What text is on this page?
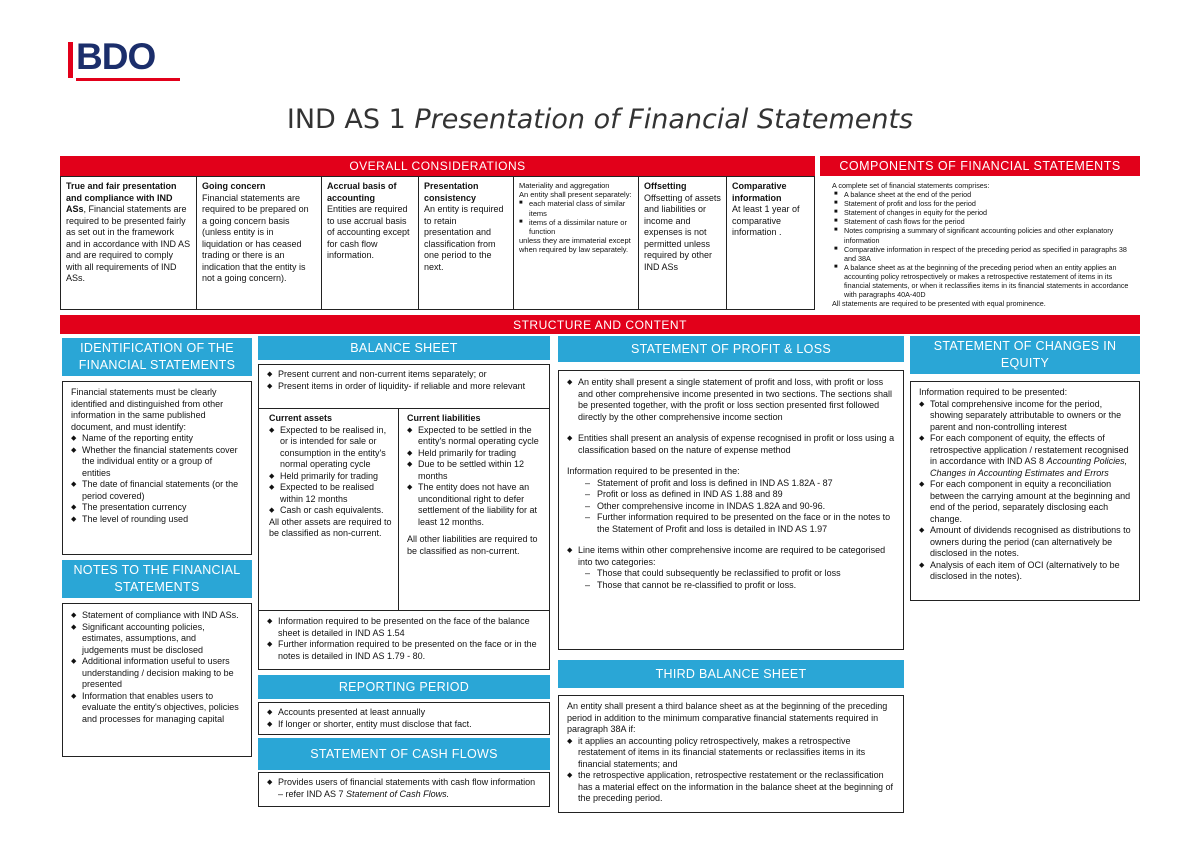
BDO
IND AS 1 Presentation of Financial Statements
OVERALL CONSIDERATIONS
True and fair presentation and compliance with IND ASs, Financial statements are required to be presented fairly as set out in the framework and in accordance with IND AS and are required to comply with all requirements of IND ASs.
Going concern
Financial statements are required to be prepared on a going concern basis (unless entity is in liquidation or has ceased trading or there is an indication that the entity is not a going concern).
Accrual basis of accounting
Entities are required to use accrual basis of accounting except for cash flow information.
Presentation consistency
An entity is required to retain presentation and classification from one period to the next.
Materiality and aggregation
An entity shall present separately:
■ each material class of similar items
■ items of a dissimilar nature or function
unless they are immaterial except when required by law separately.
Offsetting
Offsetting of assets and liabilities or income and expenses is not permitted unless required by other IND ASs
Comparative information
At least 1 year of comparative information .
COMPONENTS OF FINANCIAL STATEMENTS
A complete set of financial statements comprises:
■ A balance sheet at the end of the period
■ Statement of profit and loss for the period
■ Statement of changes in equity for the period
■ Statement of cash flows for the period
■ Notes comprising a summary of significant accounting policies and other explanatory information
■ Comparative information in respect of the preceding period as specified in paragraphs 38 and 38A
■ A balance sheet as at the beginning of the preceding period when an entity applies an accounting policy retrospectively or makes a retrospective restatement of items in its financial statements, or when it reclassifies items in its financial statements in accordance with paragraphs 40A-40D
All statements are required to be presented with equal prominence.
STRUCTURE AND CONTENT
IDENTIFICATION OF THE FINANCIAL STATEMENTS
Financial statements must be clearly identified and distinguished from other information in the same published document, and must identify:
◆ Name of the reporting entity
◆ Whether the financial statements cover the individual entity or a group of entities
◆ The date of financial statements (or the period covered)
◆ The presentation currency
◆ The level of rounding used
NOTES TO THE FINANCIAL STATEMENTS
◆ Statement of compliance with IND ASs.
◆ Significant accounting policies, estimates, assumptions, and judgements must be disclosed
◆ Additional information useful to users understanding / decision making to be presented
◆ Information that enables users to evaluate the entity's objectives, policies and processes for managing capital
BALANCE SHEET
◆ Present current and non-current items separately; or
◆ Present items in order of liquidity- if reliable and more relevant
Current assets
◆ Expected to be realised in, or is intended for sale or consumption in the entity's normal operating cycle
◆ Held primarily for trading
◆ Expected to be realised within 12 months
◆ Cash or cash equivalents.
All other assets are required to be classified as non-current.
Current liabilities
◆ Expected to be settled in the entity's normal operating cycle
◆ Held primarily for trading
◆ Due to be settled within 12 months
◆ The entity does not have an unconditional right to defer settlement of the liability for at least 12 months.
All other liabilities are required to be classified as non-current.
◆ Information required to be presented on the face of the balance sheet is detailed in IND AS 1.54
◆ Further information required to be presented on the face or in the notes is detailed in IND AS 1.79 - 80.
REPORTING PERIOD
◆ Accounts presented at least annually
◆ If longer or shorter, entity must disclose that fact.
STATEMENT OF CASH FLOWS
◆ Provides users of financial statements with cash flow information – refer IND AS 7 Statement of Cash Flows.
STATEMENT OF PROFIT & LOSS
◆ An entity shall present a single statement of profit and loss, with profit or loss and other comprehensive income presented in two sections. The sections shall be presented together, with the profit or loss section presented first followed directly by the other comprehensive income section
◆ Entities shall present an analysis of expense recognised in profit or loss using a classification based on the nature of expense method
Information required to be presented in the:
– Statement of profit and loss is defined in IND AS 1.82A - 87
– Profit or loss as defined in IND AS 1.88 and 89
– Other comprehensive income in INDAS 1.82A and 90-96.
– Further information required to be presented on the face or in the notes to the Statement of Profit and loss is detailed in IND AS 1.97
◆ Line items within other comprehensive income are required to be categorised into two categories:
– Those that could subsequently be reclassified to profit or loss
– Those that cannot be re-classified to profit or loss.
THIRD BALANCE SHEET
An entity shall present a third balance sheet as at the beginning of the preceding period in addition to the minimum comparative financial statements required in paragraph 38A if:
◆ it applies an accounting policy retrospectively, makes a retrospective restatement of items in its financial statements or reclassifies items in its financial statements; and
◆ the retrospective application, retrospective restatement or the reclassification has a material effect on the information in the balance sheet at the beginning of the preceding period.
STATEMENT OF CHANGES IN EQUITY
Information required to be presented:
◆ Total comprehensive income for the period, showing separately attributable to owners or the parent and non-controlling interest
◆ For each component of equity, the effects of retrospective application / restatement recognised in accordance with IND AS 8 Accounting Policies, Changes in Accounting Estimates and Errors
◆ For each component in equity a reconciliation between the carrying amount at the beginning and end of the period, separately disclosing each change.
◆ Amount of dividends recognised as distributions to owners during the period (can alternatively be disclosed in the notes.
◆ Analysis of each item of OCI (alternatively to be disclosed in the notes).
